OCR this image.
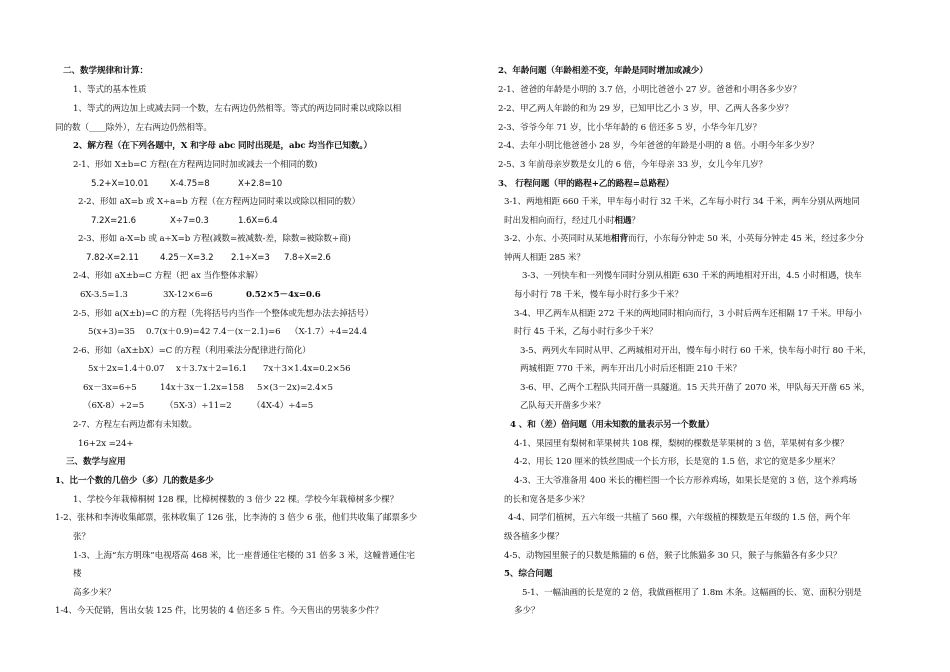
二、数学规律和计算：
1、等式的基本性质
1、等式的两边加上或减去同一个数，左右两边仍然相等。等式的两边同时乘以或除以相
同的数（____除外），左右两边仍然相等。
2、解方程（在下列各题中，X 和字母 abc 同时出现是，abc 均当作已知数。）
2-1、形如 X±b=C 方程(在方程两边同时加或减去一个相同的数)
5.2+X=10.01	X-4.75=8	X+2.8=10
2-2、形如 aX=b 或 X÷a=b 方程（在方程两边同时乘以或除以相同的数）
7.2X=21.6	X÷7=0.3	1.6X=6.4
2-3、形如 a-X=b 或 a÷X=b 方程(减数=被减数-差，除数=被除数÷商)
7.82-X=2.11 4.25－X=3.2 2.1÷X=3 7.8÷X=2.6
2-4、形如 aX±b=C 方程（把 ax 当作整体求解）
6X-3.5=1.3	3X-12×6=6	0.52×5－4x=0.6
2-5、形如 a(X±b)=C 的方程（先将括号内当作一个整体或先想办法去掉括号）
5(x+3)=35 0.7(x＋0.9)=42 7.4－(x－2.1)=6 （X-1.7）÷4=24.4
2-6、形如（aX±bX）=C 的方程（利用乘法分配律进行简化）
5x＋2x=1.4＋0.07 x＋3.7x＋2=16.1 7x＋3×1.4x=0.2×56
6x－3x=6÷5	14x＋3x－1.2x=158 5×(3－2x)=2.4×5
（6X-8）÷2=5 （5X-3）÷11=2 （4X-4）÷4=5
2-7、方程左右两边都有未知数。
16+2x =24+
三、数学与应用
1、比一个数的几倍少（多）几的数是多少
1、学校今年栽樟桐树 128 棵，比樟树棵数的 3 倍少 22 棵。学校今年栽樟树多少棵？
1-2、张林和李涛收集邮票，张林收集了 126 张，比李涛的 3 倍少 6 张，他们共收集了邮票多少
张？
1-3、上海“东方明珠”电视塔高 468 米，比一座普通住宅楼的 31 倍多 3 米，这幢普通住宅
楼
高多少米？
1-4、今天促销，售出女装 125 件，比男装的 4 倍还多 5 件。今天售出的男装多少件？
2、年龄问题（年龄相差不变，年龄是同时增加或减少）
2-1、爸爸的年龄是小明的 3.7 倍，小明比爸爸小 27 岁。爸爸和小明各多少岁？
2-2、甲乙两人年龄的和为 29 岁，已知甲比乙小 3 岁，甲、乙两人各多少岁？
2-3、爷爷今年 71 岁，比小华年龄的 6 倍还多 5 岁，小华今年几岁？
2-4、去年小明比他爸爸小 28 岁，今年爸爸的年龄是小明的 8 倍。小明今年多少岁？
2-5、3 年前母亲岁数是女儿的 6 倍，今年母亲 33 岁，女儿今年几岁？
3、 行程问题（甲的路程+乙的路程=总路程）
3-1、两地相距 660 千米，甲车每小时行 32 千米，乙车每小时行 34 千米，两车分别从两地同
时出发相向而行，经过几小时相遇？
3-2、小东、小英同时从某地相背而行，小东每分钟走 50 米，小英每分钟走 45 米，经过多少分
钟两人相距 285 米？
3-3、一列快车和一列慢车同时分别从相距 630 千米的两地相对开出，4.5 小时相遇，快车
每小时行 78 千米，慢车每小时行多少千米？
3-4、甲乙两车从相距 272 千米的两地同时相向而行，3 小时后两车还相隔 17 千米。甲每小
时行 45 千米，乙每小时行多少千米？
3-5、两列火车同时从甲、乙两城相对开出，慢车每小时行 60 千米，快车每小时行 80 千米，
两城相距 770 千米，两车开出几小时后还相距 210 千米？
3-6、甲、乙两个工程队共同开凿一具隧道。15 天共开凿了 2070 米，甲队每天开凿 65 米，
乙队每天开凿多少米？
4 、和（差）倍问题（用未知数的量表示另一个数量）
4-1、果园里有梨树和苹果树共 108 棵，梨树的棵数是苹果树的 3 倍，苹果树有多少棵？
4-2、用长 120 厘米的铁丝围成一个长方形，长是宽的 1.5 倍，求它的宽是多少厘米？
4-3、王大爷准备用 400 米长的栅栏围一个长方形养鸡场，如果长是宽的 3 倍，这个养鸡场
的长和宽各是多少米？
4-4、同学们植树，五六年级一共植了 560 棵，六年级植的棵数是五年级的 1.5 倍，两个年
级各植多少棵？
4-5、动物园里猴子的只数是熊猫的 6 倍，猴子比熊猫多 30 只，猴子与熊猫各有多少只？
5、综合问题
5-1、一幅油画的长是宽的 2 倍，我做画框用了 1.8m 木条。这幅画的长、宽、面积分别是
多少？
